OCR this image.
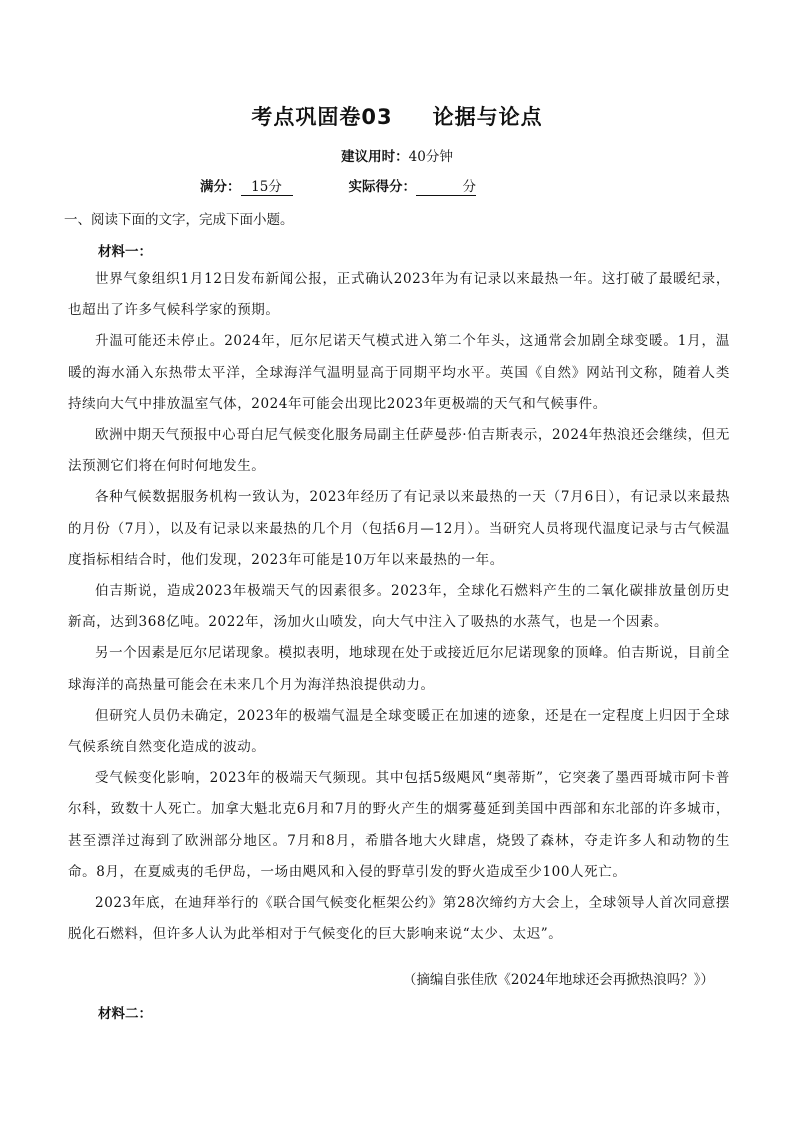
考点巩固卷03 论据与论点
建议用时：40分钟
满分： 15分	实际得分：	分
一、阅读下面的文字，完成下面小题。
材料一：

世界气象组织1月12日发布新闻公报，正式确认2023年为有记录以来最热一年。这打破了最暖纪录，也超出了许多气候科学家的预期。

升温可能还未停止。2024年，厄尔尼诺天气模式进入第二个年头，这通常会加剧全球变暖。1月，温暖的海水涌入东热带太平洋，全球海洋气温明显高于同期平均水平。英国《自然》网站刊文称，随着人类持续向大气中排放温室气体，2024年可能会出现比2023年更极端的天气和气候事件。

欧洲中期天气预报中心哥白尼气候变化服务局副主任萨曼莎·伯吉斯表示，2024年热浪还会继续，但无法预测它们将在何时何地发生。

各种气候数据服务机构一致认为，2023年经历了有记录以来最热的一天（7月6日），有记录以来最热的月份（7月），以及有记录以来最热的几个月（包括6月—12月）。当研究人员将现代温度记录与古气候温度指标相结合时，他们发现，2023年可能是10万年以来最热的一年。

伯吉斯说，造成2023年极端天气的因素很多。2023年，全球化石燃料产生的二氧化碳排放量创历史新高，达到368亿吨。2022年，汤加火山喷发，向大气中注入了吸热的水蒸气，也是一个因素。

另一个因素是厄尔尼诺现象。模拟表明，地球现在处于或接近厄尔尼诺现象的顶峰。伯吉斯说，目前全球海洋的高热量可能会在未来几个月为海洋热浪提供动力。

但研究人员仍未确定，2023年的极端气温是全球变暖正在加速的迹象，还是在一定程度上归因于全球气候系统自然变化造成的波动。

受气候变化影响，2023年的极端天气频现。其中包括5级飓风“奥蒂斯”，它突袭了墨西哥城市阿卡普尔科，致数十人死亡。加拿大魁北克6月和7月的野火产生的烟雾蔓延到美国中西部和东北部的许多城市，甚至漂洋过海到了欧洲部分地区。7月和8月，希腊各地大火肆虐，烧毁了森林，夺走许多人和动物的生命。8月，在夏威夷的毛伊岛，一场由飓风和入侵的野草引发的野火造成至少100人死亡。

2023年底，在迪拜举行的《联合国气候变化框架公约》第28次缔约方大会上，全球领导人首次同意摆脱化石燃料，但许多人认为此举相对于气候变化的巨大影响来说“太少、太迟”。

（摘编自张佳欣《2024年地球还会再掀热浪吗？》）
材料二：
